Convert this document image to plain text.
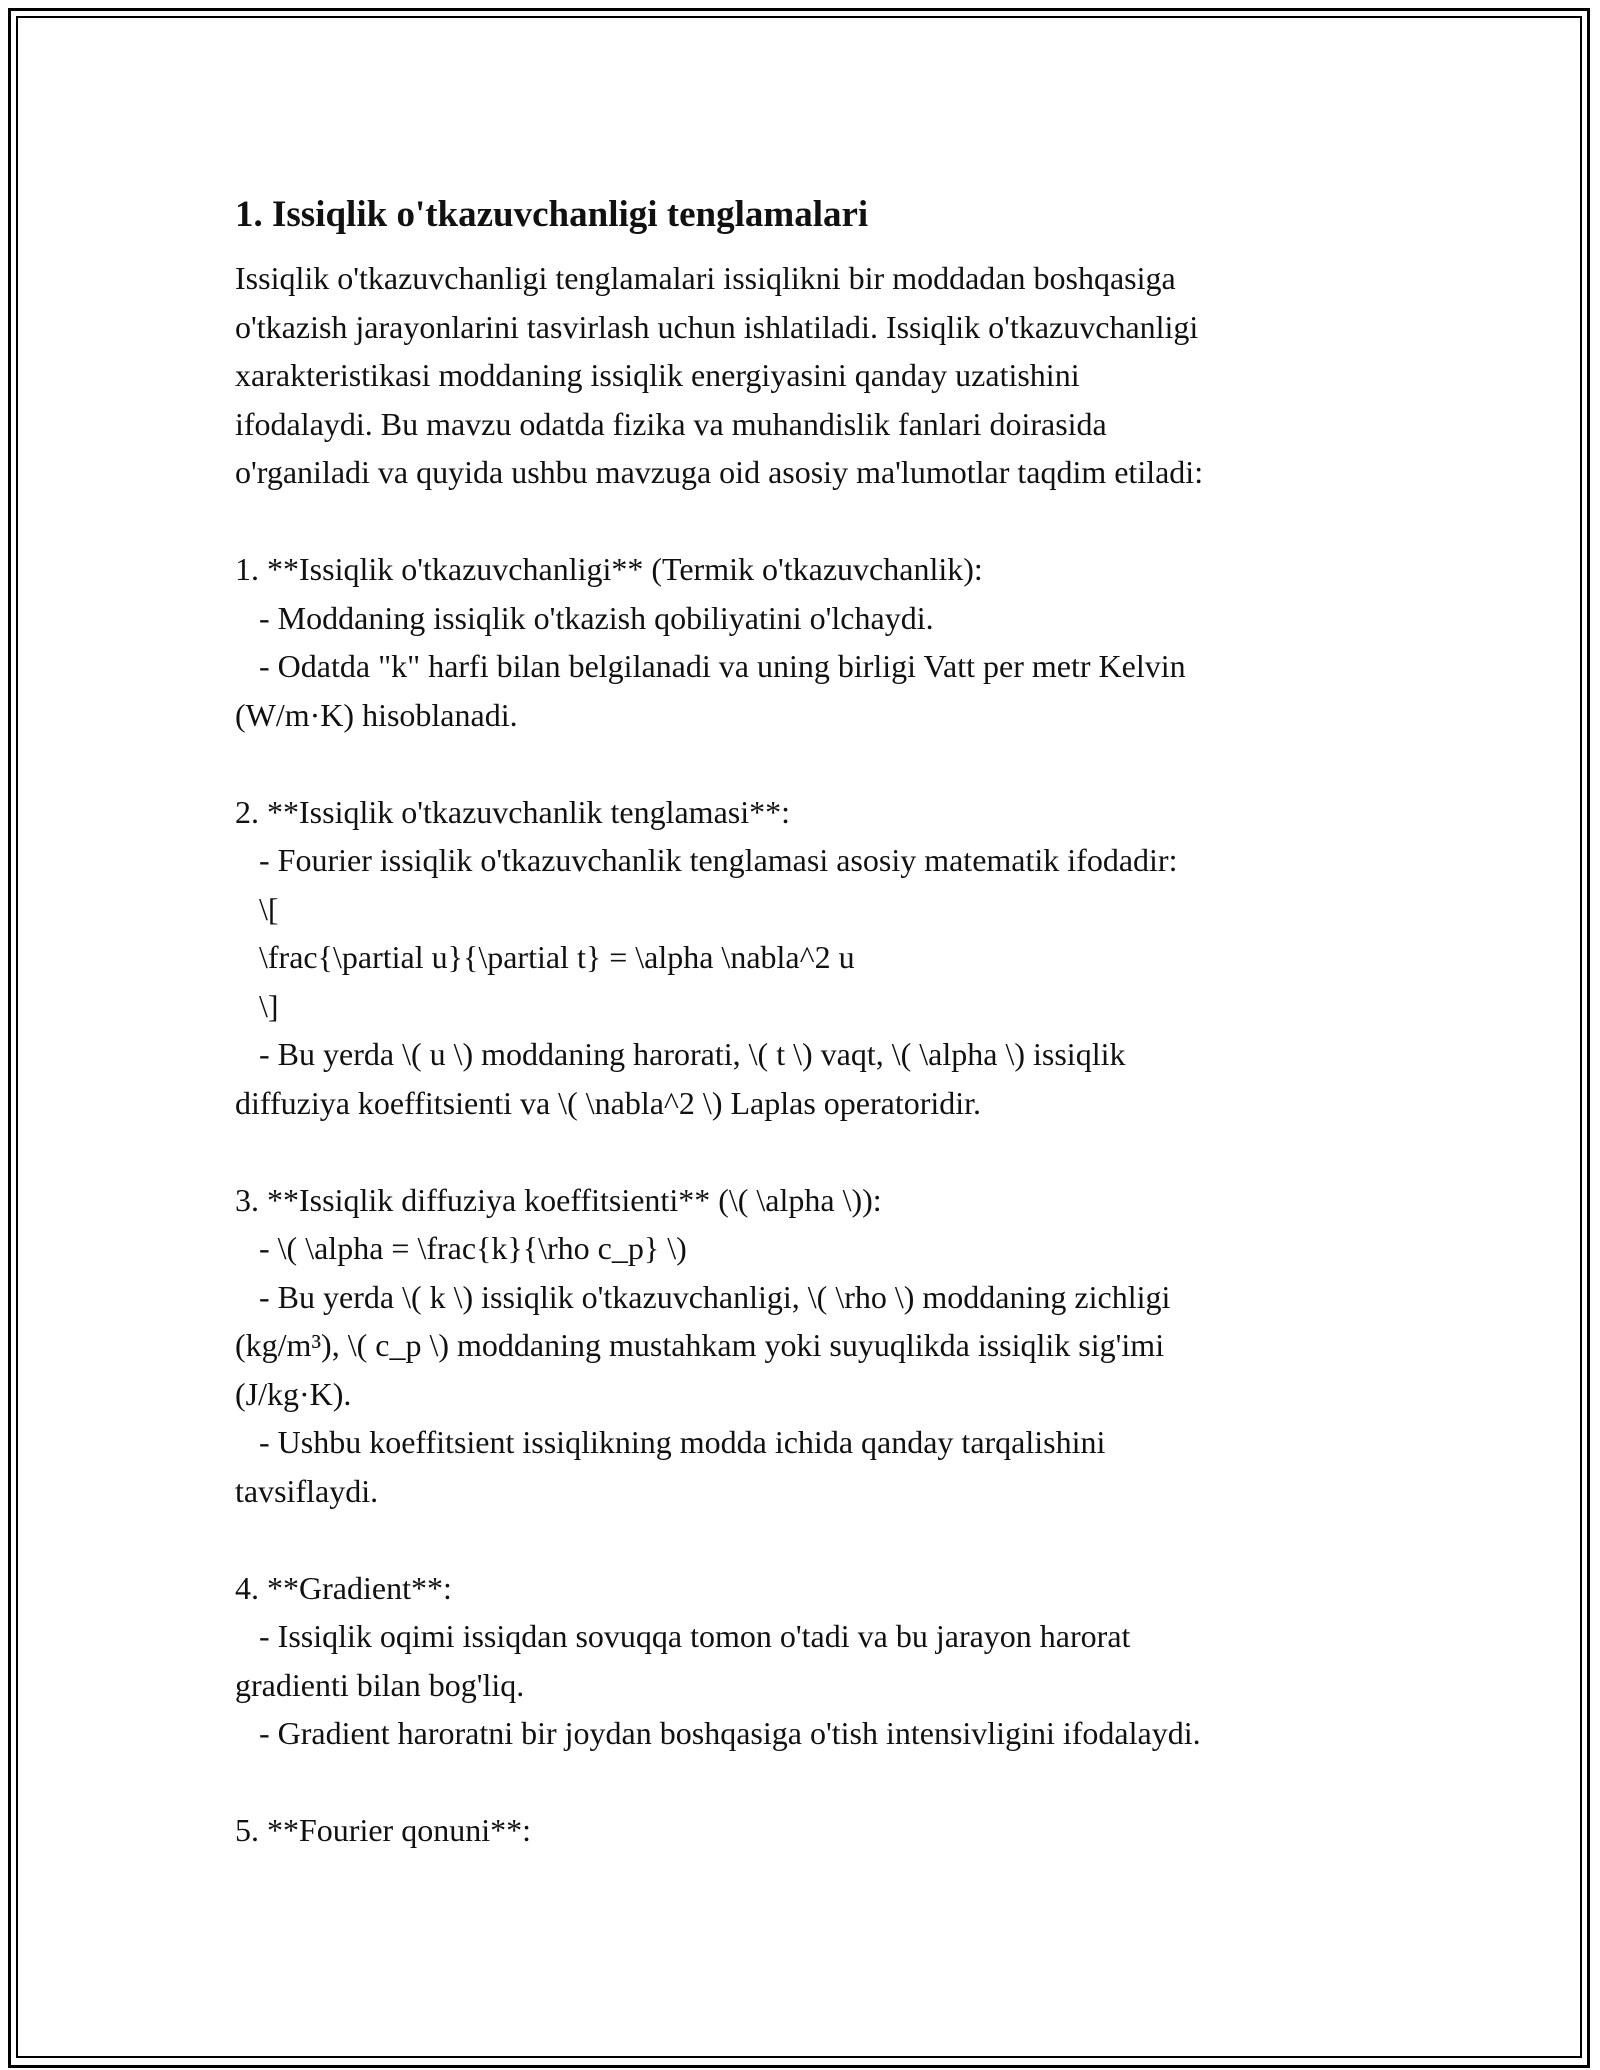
1. Issiqlik o'tkazuvchanligi tenglamalari
Issiqlik o'tkazuvchanligi tenglamalari issiqlikni bir moddadan boshqasiga
o'tkazish jarayonlarini tasvirlash uchun ishlatiladi. Issiqlik o'tkazuvchanligi
xarakteristikasi moddaning issiqlik energiyasini qanday uzatishini
ifodalaydi. Bu mavzu odatda fizika va muhandislik fanlari doirasida
o'rganiladi va quyida ushbu mavzuga oid asosiy ma'lumotlar taqdim etiladi:
1. **Issiqlik o'tkazuvchanligi** (Termik o'tkazuvchanlik):
- Moddaning issiqlik o'tkazish qobiliyatini o'lchaydi.
- Odatda "k" harfi bilan belgilanadi va uning birligi Vatt per metr Kelvin
(W/m·K) hisoblanadi.
2. **Issiqlik o'tkazuvchanlik tenglamasi**:
- Fourier issiqlik o'tkazuvchanlik tenglamasi asosiy matematik ifodadir:
\[
\frac{\partial u}{\partial t} = \alpha \nabla^2 u
\]
- Bu yerda \( u \) moddaning harorati, \( t \) vaqt, \( \alpha \) issiqlik
diffuziya koeffitsienti va \( \nabla^2 \) Laplas operatoridir.
3. **Issiqlik diffuziya koeffitsienti** (\( \alpha \)):
- \( \alpha = \frac{k}{\rho c_p} \)
- Bu yerda \( k \) issiqlik o'tkazuvchanligi, \( \rho \) moddaning zichligi
(kg/m³), \( c_p \) moddaning mustahkam yoki suyuqlikda issiqlik sig'imi
(J/kg·K).
- Ushbu koeffitsient issiqlikning modda ichida qanday tarqalishini
tavsiflaydi.
4. **Gradient**:
- Issiqlik oqimi issiqdan sovuqqa tomon o'tadi va bu jarayon harorat
gradienti bilan bog'liq.
- Gradient haroratni bir joydan boshqasiga o'tish intensivligini ifodalaydi.
5. **Fourier qonuni**:
